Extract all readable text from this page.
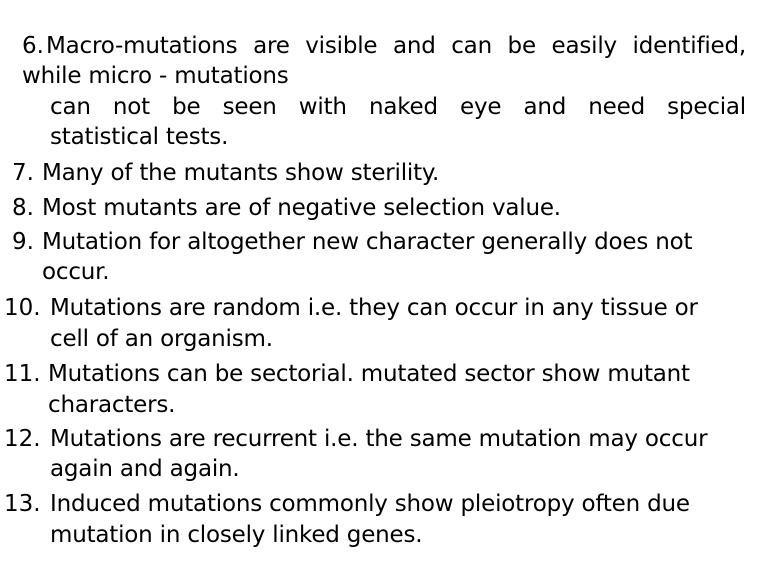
6. Macro-mutations are visible and can be easily identified,
while micro - mutations
can not be seen with naked eye and need special
statistical tests.
7. Many of the mutants show sterility.
8. Most mutants are of negative selection value.
9. Mutation for altogether new character generally does not
occur.
10. Mutations are random i.e. they can occur in any tissue or
cell of an organism.
11. Mutations can be sectorial. mutated sector show mutant
characters.
12. Mutations are recurrent i.e. the same mutation may occur
again and again.
13. Induced mutations commonly show pleiotropy often due
mutation in closely linked genes.
